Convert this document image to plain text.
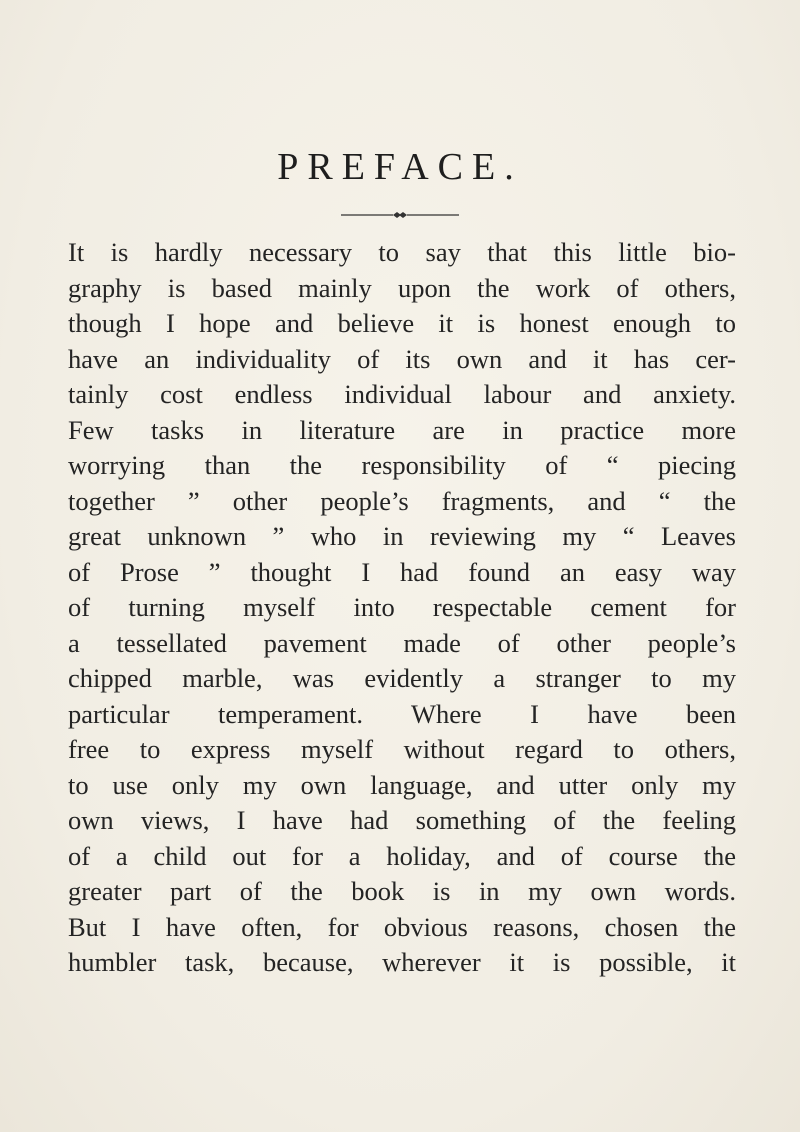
PREFACE.
It is hardly necessary to say that this little bio-
graphy is based mainly upon the work of others,
though I hope and believe it is honest enough to
have an individuality of its own and it has cer-
tainly cost endless individual labour and anxiety.
Few tasks in literature are in practice more
worrying than the responsibility of “ piecing
together ” other people’s fragments, and “ the
great unknown ” who in reviewing my “ Leaves
of Prose ” thought I had found an easy way
of turning myself into respectable cement for
a tessellated pavement made of other people’s
chipped marble, was evidently a stranger to my
particular temperament. Where I have been
free to express myself without regard to others,
to use only my own language, and utter only my
own views, I have had something of the feeling
of a child out for a holiday, and of course the
greater part of the book is in my own words.
But I have often, for obvious reasons, chosen the
humbler task, because, wherever it is possible, it
